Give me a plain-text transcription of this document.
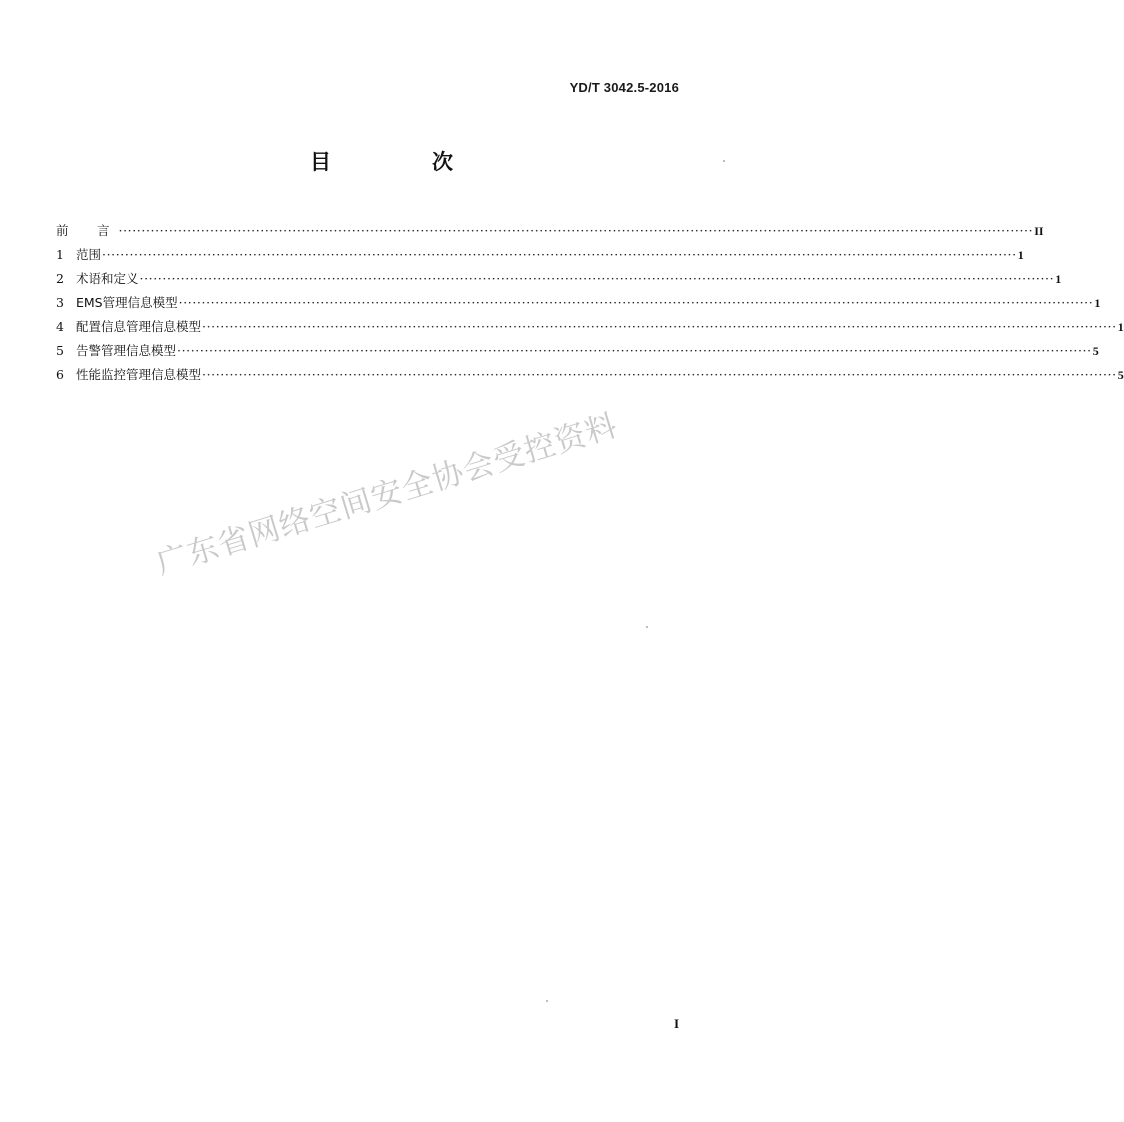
YD/T 3042.5-2016
目　次
前　言 ········································································································································································································ II
1 范围 ········································································································································································································ 1
2 术语和定义 ········································································································································································································ 1
3 EMS管理信息模型 ········································································································································································································ 1
4 配置信息管理信息模型 ········································································································································································································ 1
5 告警管理信息模型 ········································································································································································································ 5
6 性能监控管理信息模型 ········································································································································································································ 5
广东省网络空间安全协会受控资料
I
